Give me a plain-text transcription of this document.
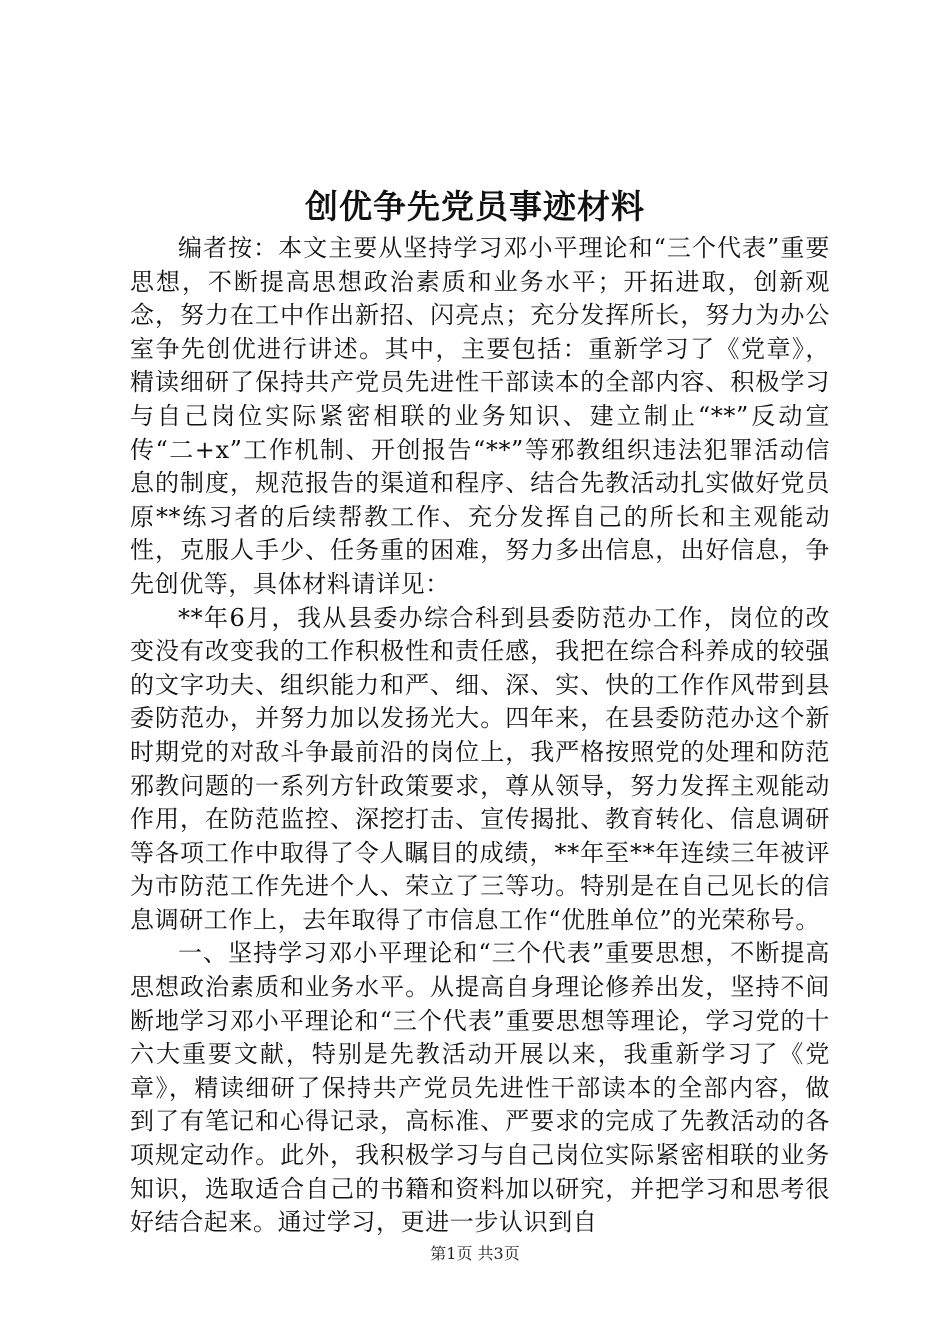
创优争先党员事迹材料

编者按：本文主要从坚持学习邓小平理论和“三个代表”重要思想，不断提高思想政治素质和业务水平；开拓进取，创新观念，努力在工中作出新招、闪亮点；充分发挥所长，努力为办公室争先创优进行讲述。其中，主要包括：重新学习了《党章》，精读细研了保持共产党员先进性干部读本的全部内容、积极学习与自己岗位实际紧密相联的业务知识、建立制止“**”反动宣传“二+x”工作机制、开创报告“**”等邪教组织违法犯罪活动信息的制度，规范报告的渠道和程序、结合先教活动扎实做好党员原**练习者的后续帮教工作、充分发挥自己的所长和主观能动性，克服人手少、任务重的困难，努力多出信息，出好信息，争先创优等，具体材料请详见：

**年6月，我从县委办综合科到县委防范办工作，岗位的改变没有改变我的工作积极性和责任感，我把在综合科养成的较强的文字功夫、组织能力和严、细、深、实、快的工作作风带到县委防范办，并努力加以发扬光大。四年来，在县委防范办这个新时期党的对敌斗争最前沿的岗位上，我严格按照党的处理和防范邪教问题的一系列方针政策要求，尊从领导，努力发挥主观能动作用，在防范监控、深挖打击、宣传揭批、教育转化、信息调研等各项工作中取得了令人瞩目的成绩，**年至**年连续三年被评为市防范工作先进个人、荣立了三等功。特别是在自己见长的信息调研工作上，去年取得了市信息工作“优胜单位”的光荣称号。

一、坚持学习邓小平理论和“三个代表”重要思想，不断提高思想政治素质和业务水平。从提高自身理论修养出发，坚持不间断地学习邓小平理论和“三个代表”重要思想等理论，学习党的十六大重要文献，特别是先教活动开展以来，我重新学习了《党章》，精读细研了保持共产党员先进性干部读本的全部内容，做到了有笔记和心得记录，高标准、严要求的完成了先教活动的各项规定动作。此外，我积极学习与自己岗位实际紧密相联的业务知识，选取适合自己的书籍和资料加以研究，并把学习和思考很好结合起来。通过学习，更进一步认识到自

第1页 共3页
